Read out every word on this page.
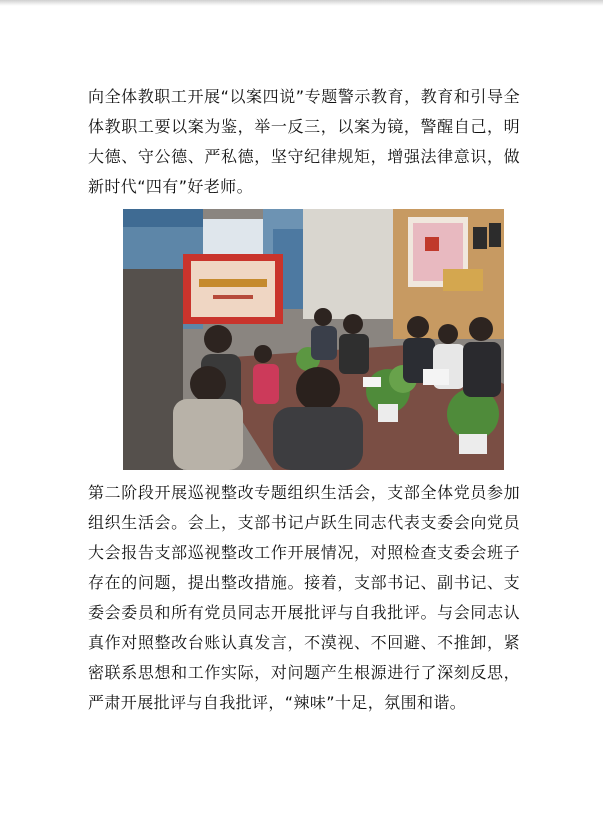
向全体教职工开展“以案四说”专题警示教育，教育和引导全体教职工要以案为鉴，举一反三，以案为镜，警醒自己，明大德、守公德、严私德，坚守纪律规矩，增强法律意识，做新时代“四有”好老师。

第二阶段开展巡视整改专题组织生活会，支部全体党员参加组织生活会。会上，支部书记卢跃生同志代表支委会向党员大会报告支部巡视整改工作开展情况，对照检查支委会班子存在的问题，提出整改措施。接着，支部书记、副书记、支委会委员和所有党员同志开展批评与自我批评。与会同志认真作对照整改台账认真发言，不漠视、不回避、不推卸，紧密联系思想和工作实际，对问题产生根源进行了深刻反思，严肃开展批评与自我批评，“辣味”十足，氛围和谐。
